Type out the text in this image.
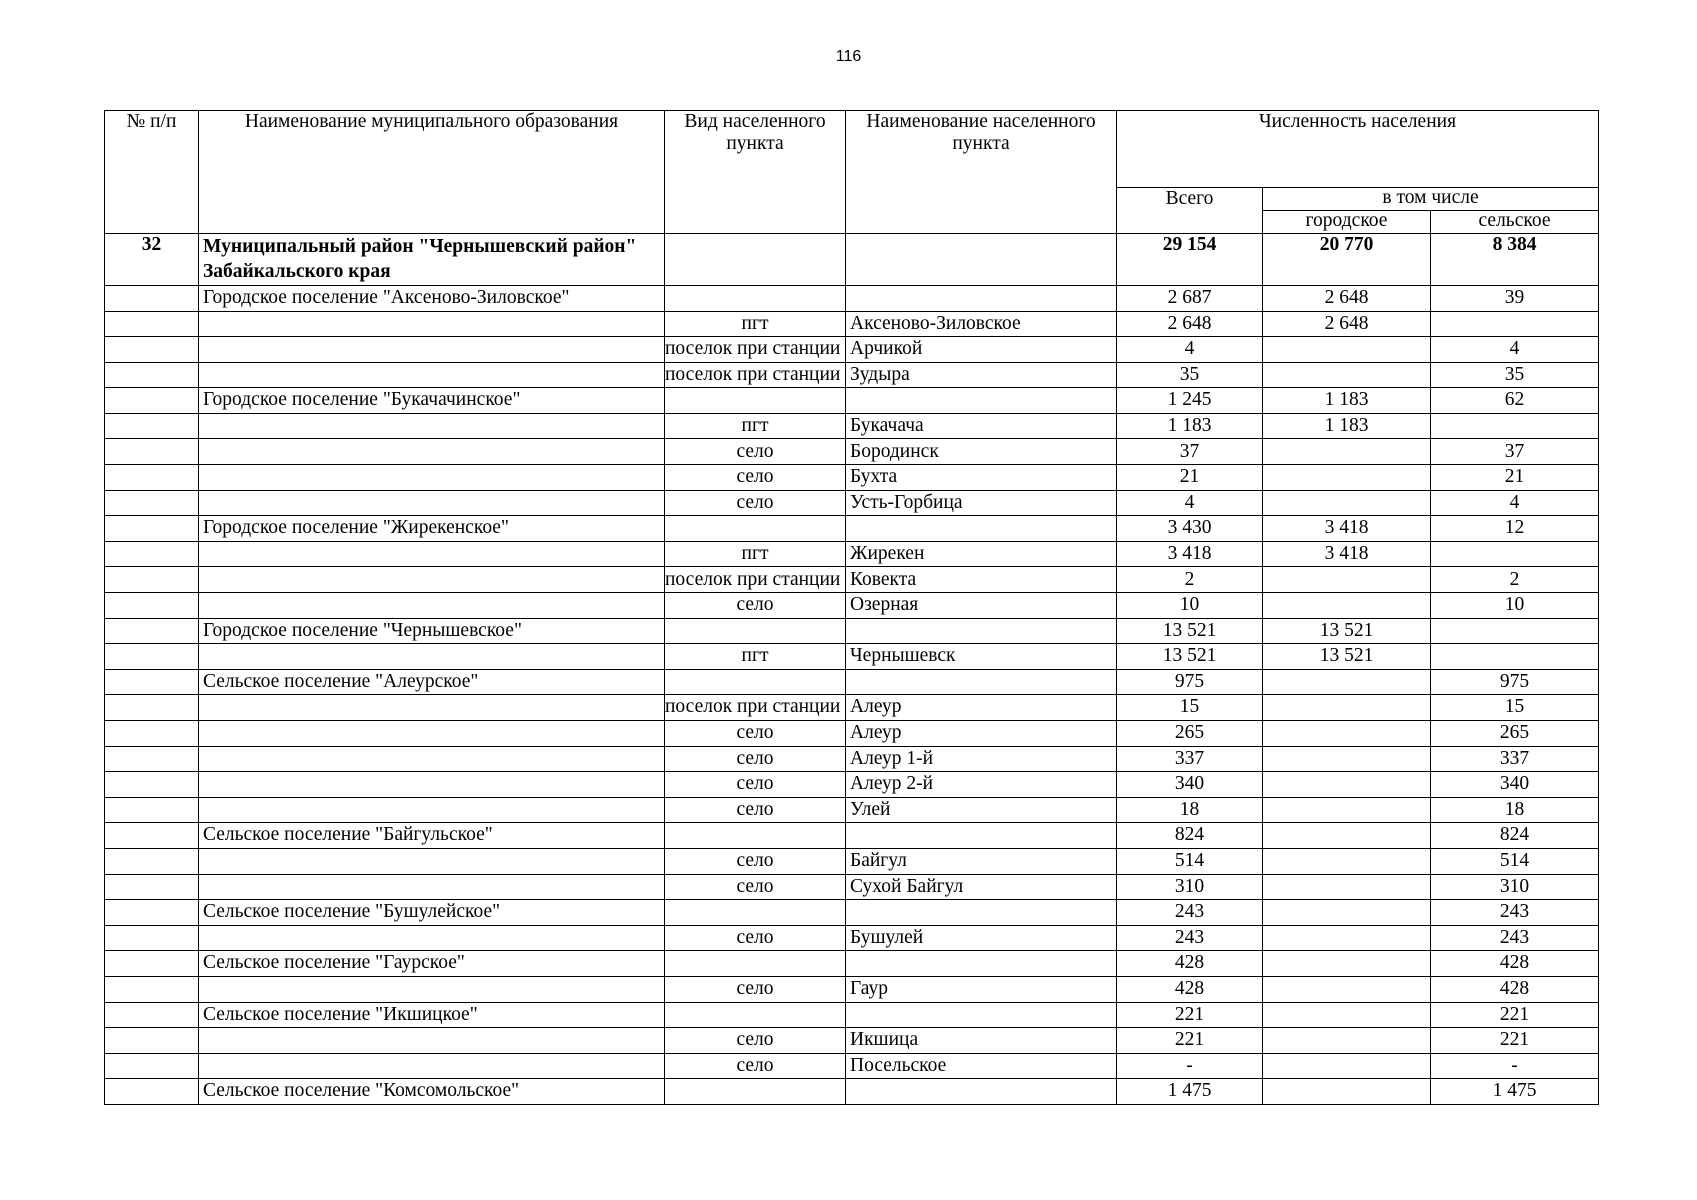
116
№ п/п	Наименование муниципального образования	Вид населенного пункта	Наименование населенного пункта	Численность населения		
				Всего	в том числе	
					городское	сельское
32	Муниципальный район "Чернышевский район" Забайкальского края			29 154	20 770	8 384
	Городское поселение "Аксеново-Зиловское"			2 687	2 648	39
		пгт	Аксеново-Зиловское	2 648	2 648	
		поселок при станции	Арчикой	4		4
		поселок при станции	Зудыра	35		35
	Городское поселение "Букачачинское"			1 245	1 183	62
		пгт	Букачача	1 183	1 183	
		село	Бородинск	37		37
		село	Бухта	21		21
		село	Усть-Горбица	4		4
	Городское поселение "Жирекенское"			3 430	3 418	12
		пгт	Жирекен	3 418	3 418	
		поселок при станции	Ковекта	2		2
		село	Озерная	10		10
	Городское поселение "Чернышевское"			13 521	13 521	
		пгт	Чернышевск	13 521	13 521	
	Сельское поселение "Алеурское"			975		975
		поселок при станции	Алеур	15		15
		село	Алеур	265		265
		село	Алеур 1-й	337		337
		село	Алеур 2-й	340		340
		село	Улей	18		18
	Сельское поселение "Байгульское"			824		824
		село	Байгул	514		514
		село	Сухой Байгул	310		310
	Сельское поселение "Бушулейское"			243		243
		село	Бушулей	243		243
	Сельское поселение "Гаурское"			428		428
		село	Гаур	428		428
	Сельское поселение "Икшицкое"			221		221
		село	Икшица	221		221
		село	Посельское	-		-
	Сельское поселение "Комсомольское"			1 475		1 475
